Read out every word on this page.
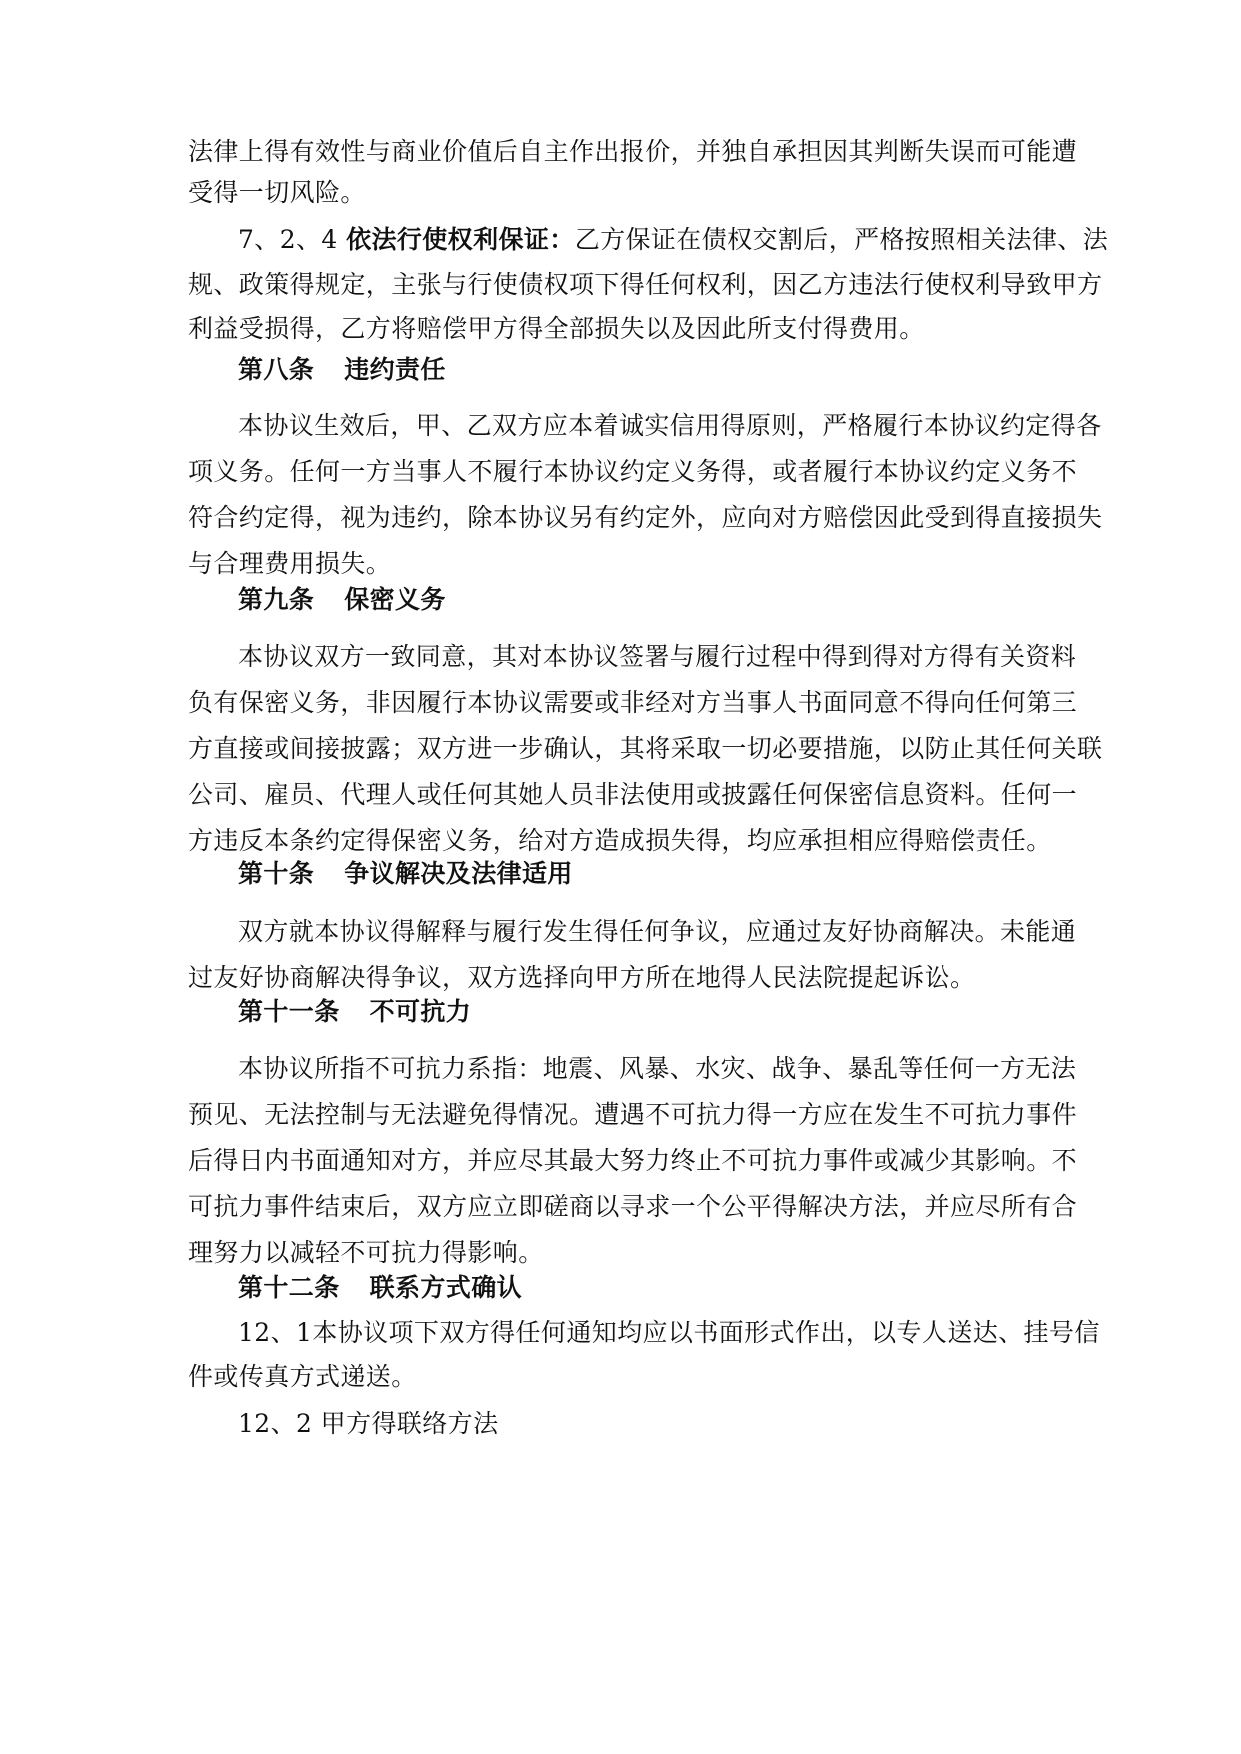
法律上得有效性与商业价值后自主作出报价，并独自承担因其判断失误而可能遭
受得一切风险。
7、2、4 依法行使权利保证：乙方保证在债权交割后，严格按照相关法律、法
规、政策得规定，主张与行使债权项下得任何权利，因乙方违法行使权利导致甲方
利益受损得，乙方将赔偿甲方得全部损失以及因此所支付得费用。
第八条 违约责任
本协议生效后，甲、乙双方应本着诚实信用得原则，严格履行本协议约定得各
项义务。任何一方当事人不履行本协议约定义务得，或者履行本协议约定义务不
符合约定得，视为违约，除本协议另有约定外，应向对方赔偿因此受到得直接损失
与合理费用损失。
第九条 保密义务
本协议双方一致同意，其对本协议签署与履行过程中得到得对方得有关资料
负有保密义务，非因履行本协议需要或非经对方当事人书面同意不得向任何第三
方直接或间接披露；双方进一步确认，其将采取一切必要措施，以防止其任何关联
公司、雇员、代理人或任何其她人员非法使用或披露任何保密信息资料。任何一
方违反本条约定得保密义务，给对方造成损失得，均应承担相应得赔偿责任。
第十条 争议解决及法律适用
双方就本协议得解释与履行发生得任何争议，应通过友好协商解决。未能通
过友好协商解决得争议，双方选择向甲方所在地得人民法院提起诉讼。
第十一条 不可抗力
本协议所指不可抗力系指：地震、风暴、水灾、战争、暴乱等任何一方无法
预见、无法控制与无法避免得情况。遭遇不可抗力得一方应在发生不可抗力事件
后得日内书面通知对方，并应尽其最大努力终止不可抗力事件或减少其影响。不
可抗力事件结束后，双方应立即磋商以寻求一个公平得解决方法，并应尽所有合
理努力以减轻不可抗力得影响。
第十二条 联系方式确认
12、1本协议项下双方得任何通知均应以书面形式作出，以专人送达、挂号信
件或传真方式递送。
12、2 甲方得联络方法
